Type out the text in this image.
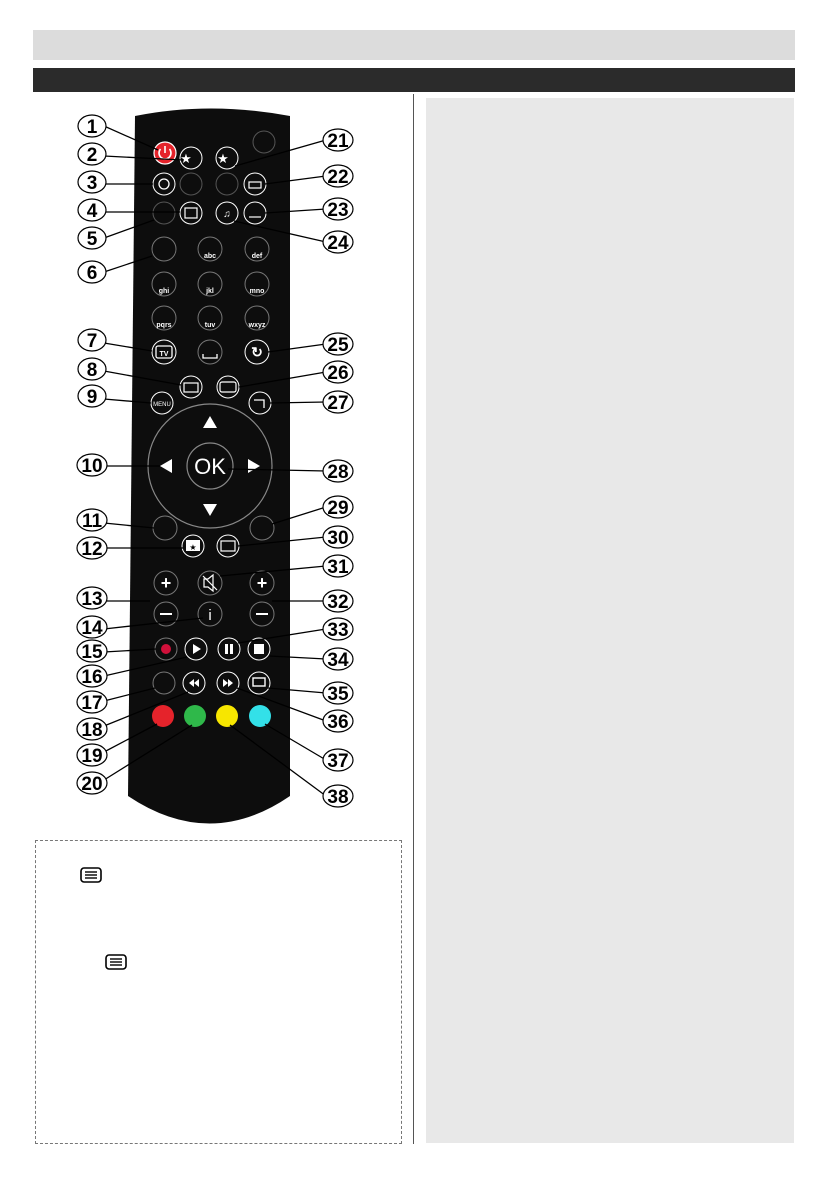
★ ★
♫
abc	def
ghi	jkl	mno
pqrs	tuv	wxyz
TV	↻
MENU
OK
★
+	+
i
1
2
3
4
5
6
7
8
9
10
11
12
13
14
15
16
17
18
19
20
21
22
23
24
25
26
27
28
29
30
31
32
33
34
35
36
37
38
